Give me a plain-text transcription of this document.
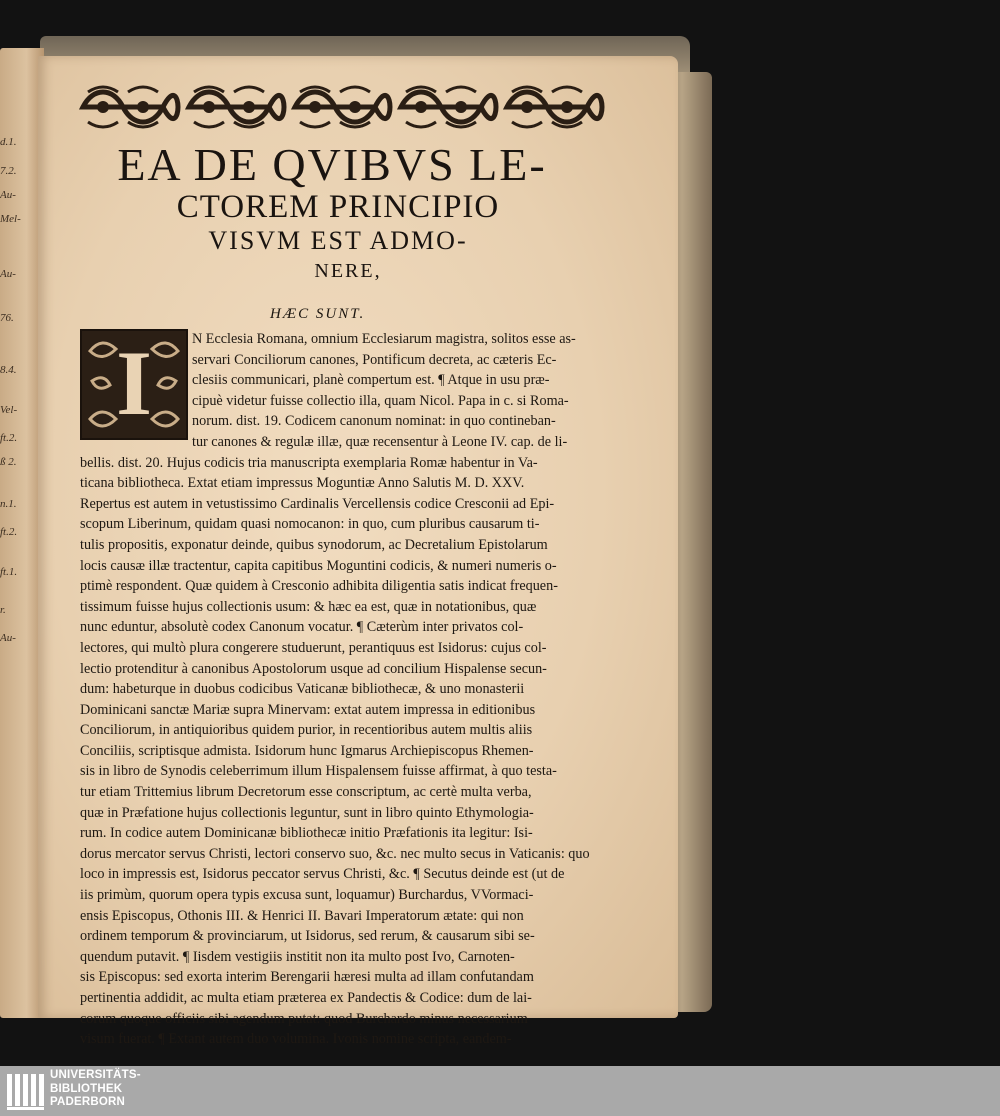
d.1.
7.2.
Au-
Mel-
Au-
76.
8.4.
Vel-
ft.2.
ß 2.
n.1.
ft.2.
ft.1.
r.
Au-
EA DE QVIBVS LE-
CTOREM PRINCIPIO
VISVM EST ADMO-
NERE,
HÆC SUNT.
I	N Ecclesia Romana, omnium Ecclesiarum magistra, solitos esse as-
servari Conciliorum canones, Pontificum decreta, ac cæteris Ec-
clesiis communicari, planè compertum est. ¶ Atque in usu præ-
cipuè videtur fuisse collectio illa, quam Nicol. Papa in c. si Roma-
norum. dist. 19. Codicem canonum nominat: in quo contineban-
tur canones & regulæ illæ, quæ recensentur à Leone IV. cap. de li-
bellis. dist. 20. Hujus codicis tria manuscripta exemplaria Romæ habentur in Va-
ticana bibliotheca. Extat etiam impressus Moguntiæ Anno Salutis M. D. XXV.
Repertus est autem in vetustissimo Cardinalis Vercellensis codice Cresconii ad Epi-
scopum Liberinum, quidam quasi nomocanon: in quo, cum pluribus causarum ti-
tulis propositis, exponatur deinde, quibus synodorum, ac Decretalium Epistolarum
locis causæ illæ tractentur, capita capitibus Moguntini codicis, & numeri numeris o-
ptimè respondent. Quæ quidem à Cresconio adhibita diligentia satis indicat frequen-
tissimum fuisse hujus collectionis usum: & hæc ea est, quæ in notationibus, quæ
nunc eduntur, absolutè codex Canonum vocatur. ¶ Cæterùm inter privatos col-
lectores, qui multò plura congerere studuerunt, perantiquus est Isidorus: cujus col-
lectio protenditur à canonibus Apostolorum usque ad concilium Hispalense secun-
dum: habeturque in duobus codicibus Vaticanæ bibliothecæ, & uno monasterii
Dominicani sanctæ Mariæ supra Minervam: extat autem impressa in editionibus
Conciliorum, in antiquioribus quidem purior, in recentioribus autem multis aliis
Conciliis, scriptisque admista. Isidorum hunc Igmarus Archiepiscopus Rhemen-
sis in libro de Synodis celeberrimum illum Hispalensem fuisse affirmat, à quo testa-
tur etiam Trittemius librum Decretorum esse conscriptum, ac certè multa verba,
quæ in Præfatione hujus collectionis leguntur, sunt in libro quinto Ethymologia-
rum. In codice autem Dominicanæ bibliothecæ initio Præfationis ita legitur: Isi-
dorus mercator servus Christi, lectori conservo suo, &c. nec multo secus in Vaticanis: quo
loco in impressis est, Isidorus peccator servus Christi, &c. ¶ Secutus deinde est (ut de
iis primùm, quorum opera typis excusa sunt, loquamur) Burchardus, VVormaci-
ensis Episcopus, Othonis III. & Henrici II. Bavari Imperatorum ætate: qui non
ordinem temporum & provinciarum, ut Isidorus, sed rerum, & causarum sibi se-
quendum putavit. ¶ Iisdem vestigiis institit non ita multo post Ivo, Carnoten-
sis Episcopus: sed exorta interim Berengarii hæresi multa ad illam confutandam
pertinentia addidit, ac multa etiam præterea ex Pandectis & Codice: dum de lai-
corum quoque officiis sibi agendum putat: quod Burchardo minus necessarium
visum fuerat. ¶ Extant autem duo volumina. Ivonis nomine scripta, eandem-
UNIVERSITÄTS-
BIBLIOTHEK
PADERBORN
